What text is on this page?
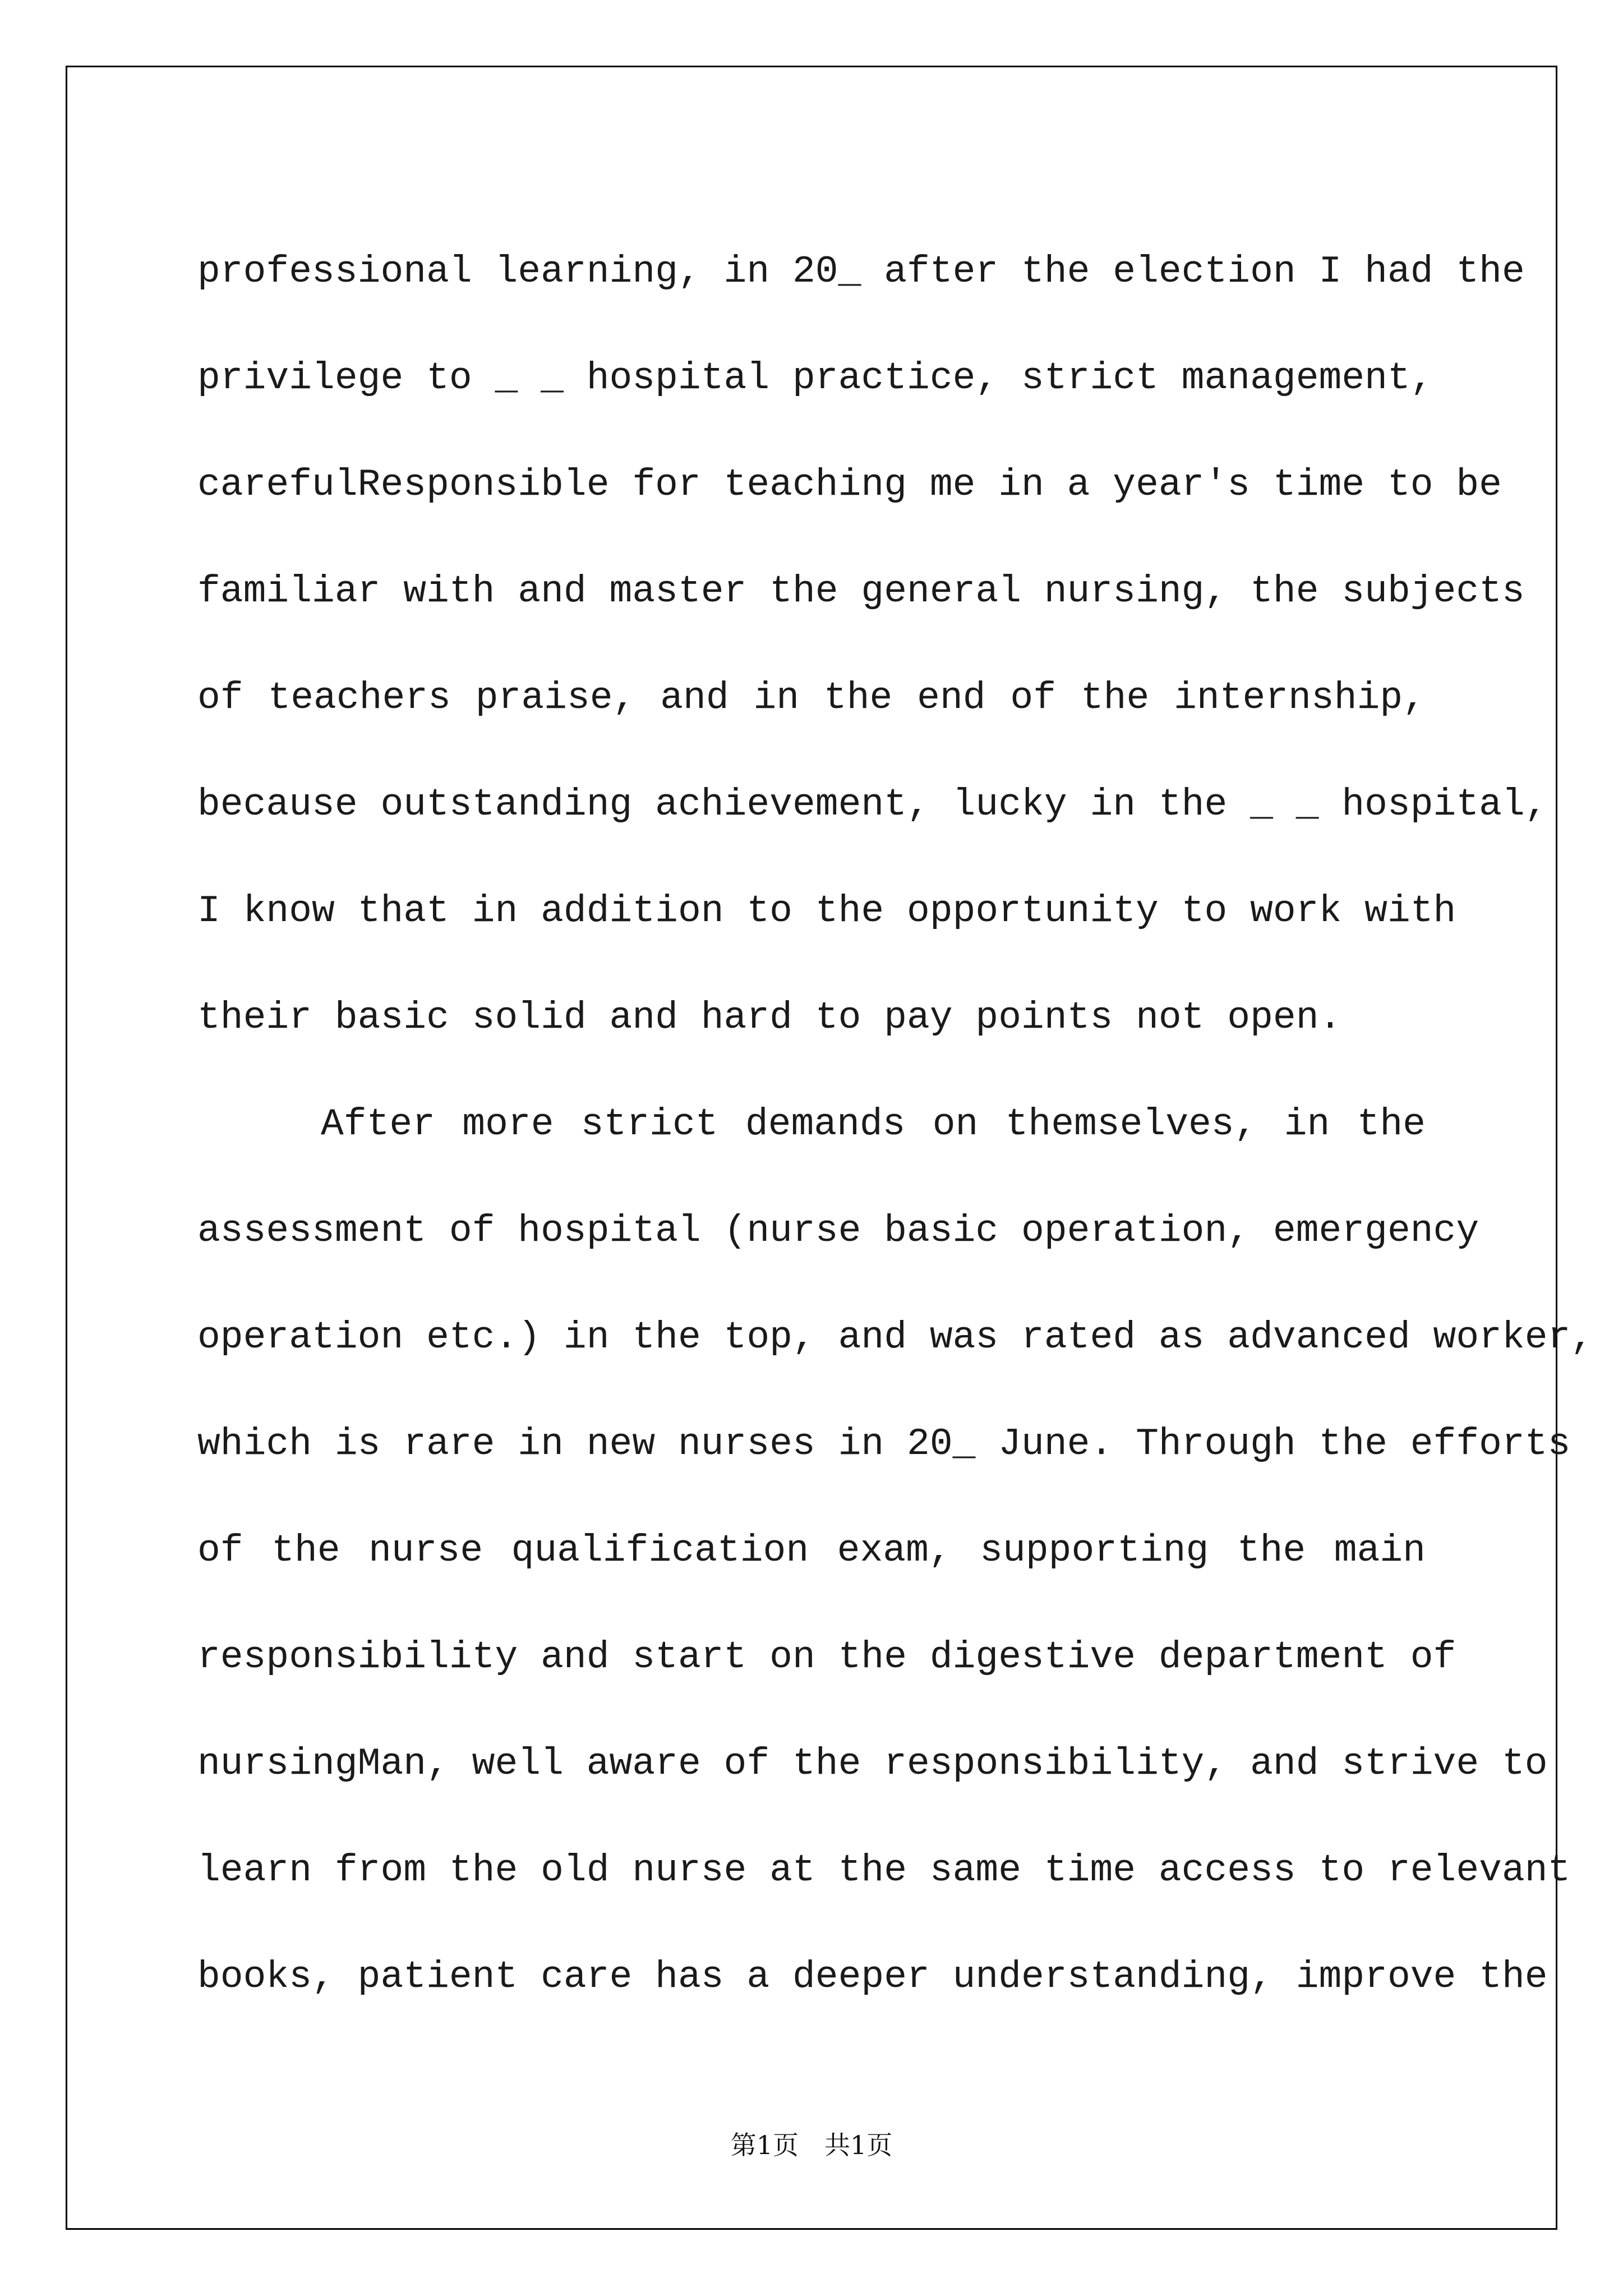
professional learning, in 20_ after the election I had the
privilege to _ _ hospital practice, strict management,
carefulResponsible for teaching me in a year's time to be
familiar with and master the general nursing, the subjects
of teachers praise, and in the end of the internship,
because outstanding achievement, lucky in the _ _ hospital,
I know that in addition to the opportunity to work with
their basic solid and hard to pay points not open.
After more strict demands on themselves, in the
assessment of hospital (nurse basic operation, emergency
operation etc.) in the top, and was rated as advanced worker,
which is rare in new nurses in 20_ June. Through the efforts
of the nurse qualification exam, supporting the main
responsibility and start on the digestive department of
nursingMan, well aware of the responsibility, and strive to
learn from the old nurse at the same time access to relevant
books, patient care has a deeper understanding, improve the
第1页 共1页
